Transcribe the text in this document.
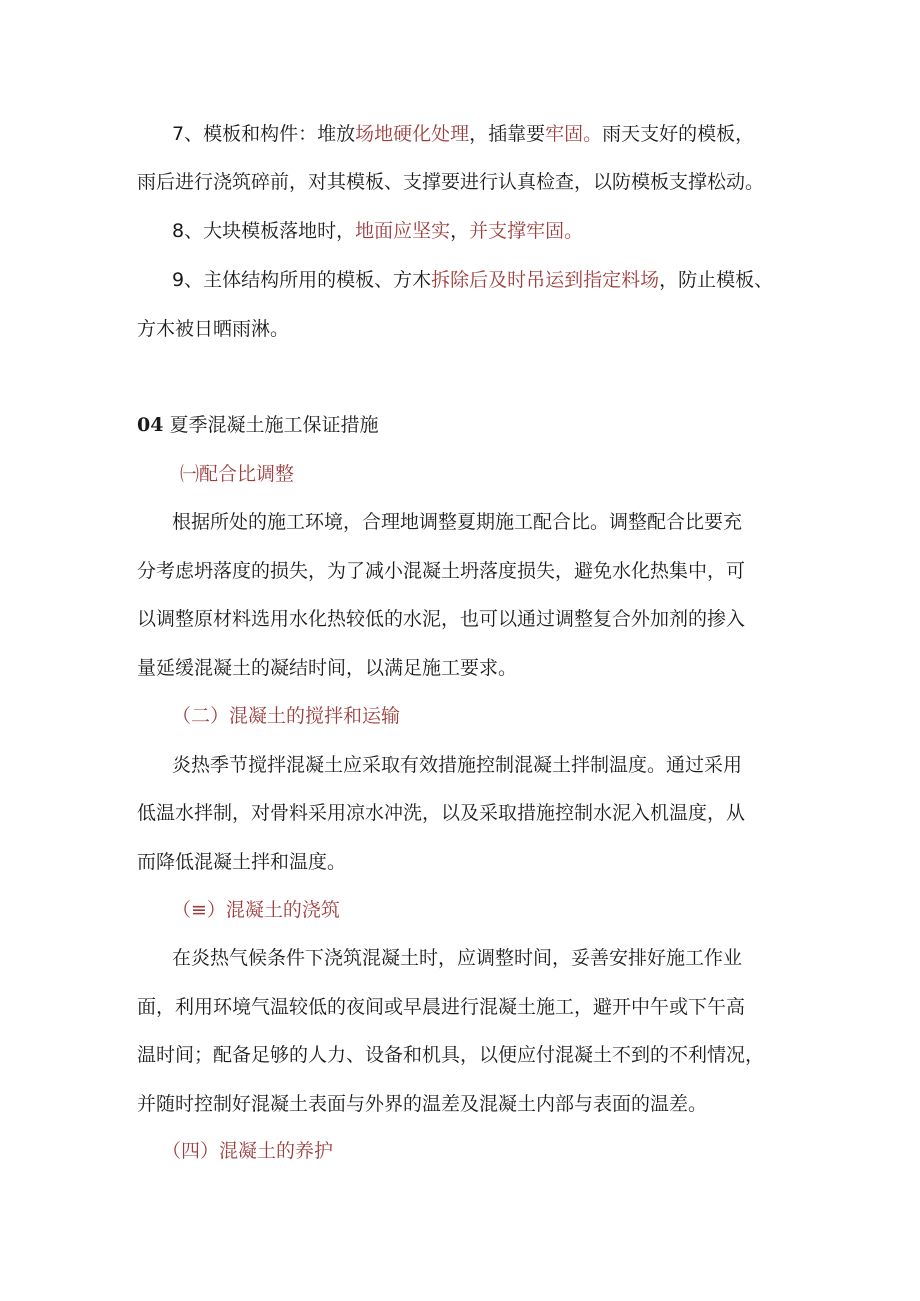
7、模板和构件：堆放场地硬化处理，插靠要牢固。雨天支好的模板，
雨后进行浇筑碎前，对其模板、支撑要进行认真检查，以防模板支撑松动。
8、大块模板落地时，地面应坚实，并支撑牢固。
9、主体结构所用的模板、方木拆除后及时吊运到指定料场，防止模板、
方木被日晒雨淋。
04 夏季混凝土施工保证措施
㈠配合比调整
根据所处的施工环境，合理地调整夏期施工配合比。调整配合比要充
分考虑坍落度的损失，为了减小混凝土坍落度损失，避免水化热集中，可
以调整原材料选用水化热较低的水泥，也可以通过调整复合外加剂的掺入
量延缓混凝土的凝结时间，以满足施工要求。
（二）混凝土的搅拌和运输
炎热季节搅拌混凝土应采取有效措施控制混凝土拌制温度。通过采用
低温水拌制，对骨料采用凉水冲洗，以及采取措施控制水泥入机温度，从
而降低混凝土拌和温度。
（≡）混凝土的浇筑
在炎热气候条件下浇筑混凝土时，应调整时间，妥善安排好施工作业
面，利用环境气温较低的夜间或早晨进行混凝土施工，避开中午或下午高
温时间；配备足够的人力、设备和机具，以便应付混凝土不到的不利情况，
并随时控制好混凝土表面与外界的温差及混凝土内部与表面的温差。
（四）混凝土的养护
